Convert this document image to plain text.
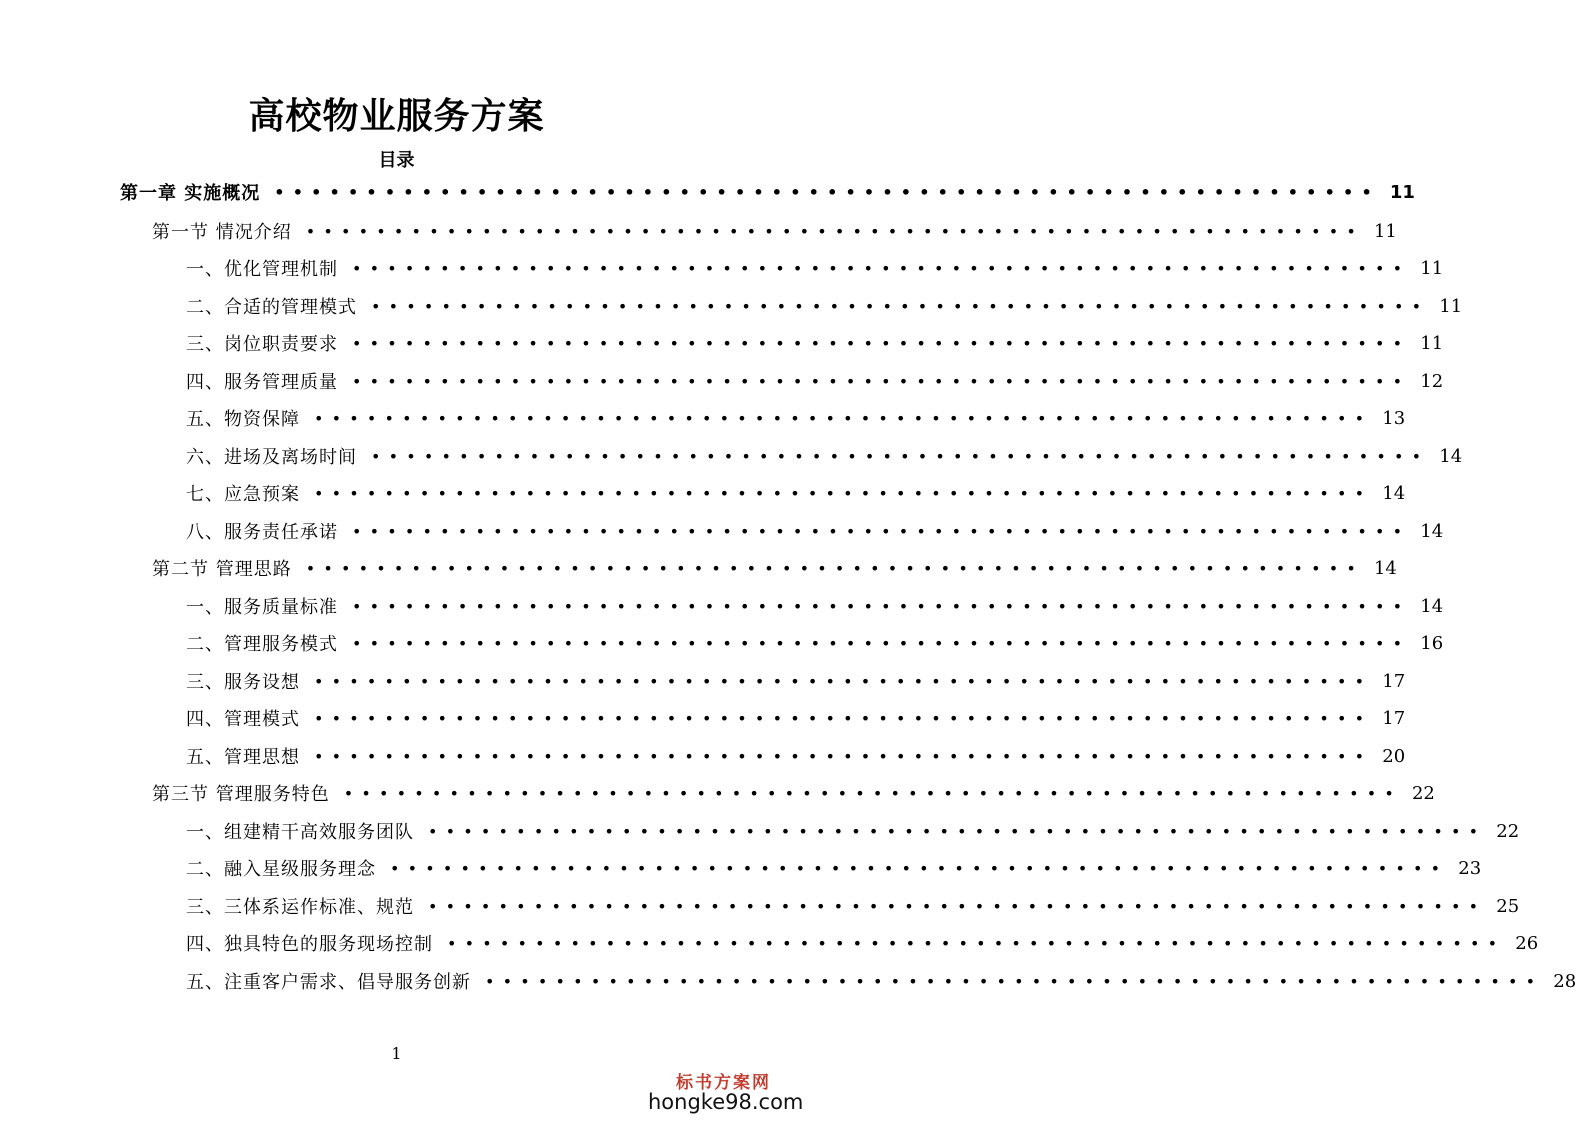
高校物业服务方案
目录
第一章 实施概况 •••••••••••••••••••••••••••••••••••••••••••••••••••••••••••• 11
第一节 情况介绍 •••••••••••••••••••••••••••••••••••••••••••••••••••••••••••• 11
一、优化管理机制 •••••••••••••••••••••••••••••••••••••••••••••••••••••••••••• 11
二、合适的管理模式 •••••••••••••••••••••••••••••••••••••••••••••••••••••••••••• 11
三、岗位职责要求 •••••••••••••••••••••••••••••••••••••••••••••••••••••••••••• 11
四、服务管理质量 •••••••••••••••••••••••••••••••••••••••••••••••••••••••••••• 12
五、物资保障 •••••••••••••••••••••••••••••••••••••••••••••••••••••••••••• 13
六、进场及离场时间 •••••••••••••••••••••••••••••••••••••••••••••••••••••••••••• 14
七、应急预案 •••••••••••••••••••••••••••••••••••••••••••••••••••••••••••• 14
八、服务责任承诺 •••••••••••••••••••••••••••••••••••••••••••••••••••••••••••• 14
第二节 管理思路 •••••••••••••••••••••••••••••••••••••••••••••••••••••••••••• 14
一、服务质量标准 •••••••••••••••••••••••••••••••••••••••••••••••••••••••••••• 14
二、管理服务模式 •••••••••••••••••••••••••••••••••••••••••••••••••••••••••••• 16
三、服务设想 •••••••••••••••••••••••••••••••••••••••••••••••••••••••••••• 17
四、管理模式 •••••••••••••••••••••••••••••••••••••••••••••••••••••••••••• 17
五、管理思想 •••••••••••••••••••••••••••••••••••••••••••••••••••••••••••• 20
第三节 管理服务特色 •••••••••••••••••••••••••••••••••••••••••••••••••••••••••••• 22
一、组建精干高效服务团队 •••••••••••••••••••••••••••••••••••••••••••••••••••••••••••• 22
二、融入星级服务理念 •••••••••••••••••••••••••••••••••••••••••••••••••••••••••••• 23
三、三体系运作标准、规范 •••••••••••••••••••••••••••••••••••••••••••••••••••••••••••• 25
四、独具特色的服务现场控制 •••••••••••••••••••••••••••••••••••••••••••••••••••••••••••• 26
五、注重客户需求、倡导服务创新 •••••••••••••••••••••••••••••••••••••••••••••••••••••••••••• 28
1
标书方案网
hongke98.com
